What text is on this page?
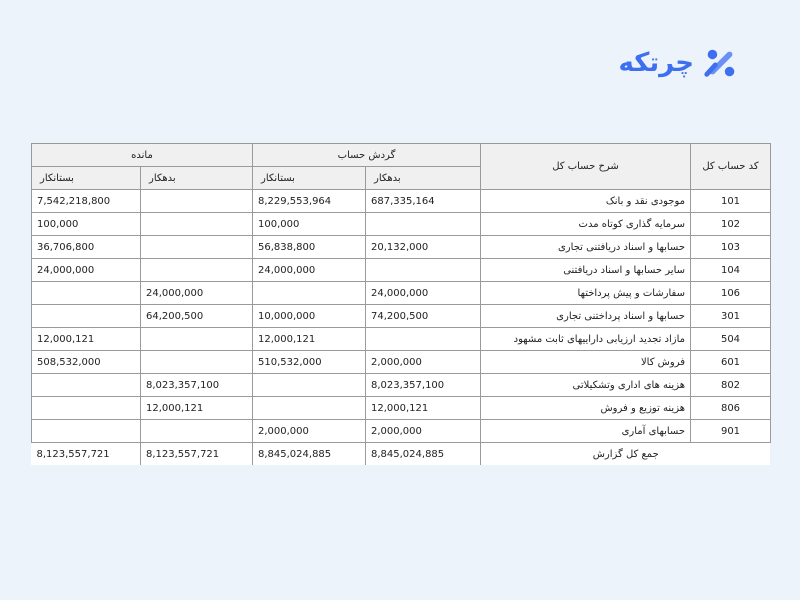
چرتکه
کد حساب کل	شرح حساب کل	گردش حساب		مانده	
		بدهکار	بستانکار	بدهکار	بستانکار
101	موجودی نقد و بانک	687,335,164	8,229,553,964		7,542,218,800
102	سرمایه گذاری کوتاه مدت		100,000		100,000
103	حسابها و اسناد دریافتنی تجاری	20,132,000	56,838,800		36,706,800
104	سایر حسابها و اسناد دریافتنی		24,000,000		24,000,000
106	سفارشات و پیش پرداختها	24,000,000		24,000,000	
301	حسابها و اسناد پرداختنی تجاری	74,200,500	10,000,000	64,200,500	
504	مازاد تجدید ارزیابی داراییهای ثابت مشهود		12,000,121		12,000,121
601	فروش کالا	2,000,000	510,532,000		508,532,000
802	هزینه های اداری وتشکیلاتی	8,023,357,100		8,023,357,100	
806	هزینه توزیع و فروش	12,000,121		12,000,121	
901	حسابهای آماری	2,000,000	2,000,000		
جمع کل گزارش		8,845,024,885	8,845,024,885	8,123,557,721	8,123,557,721
